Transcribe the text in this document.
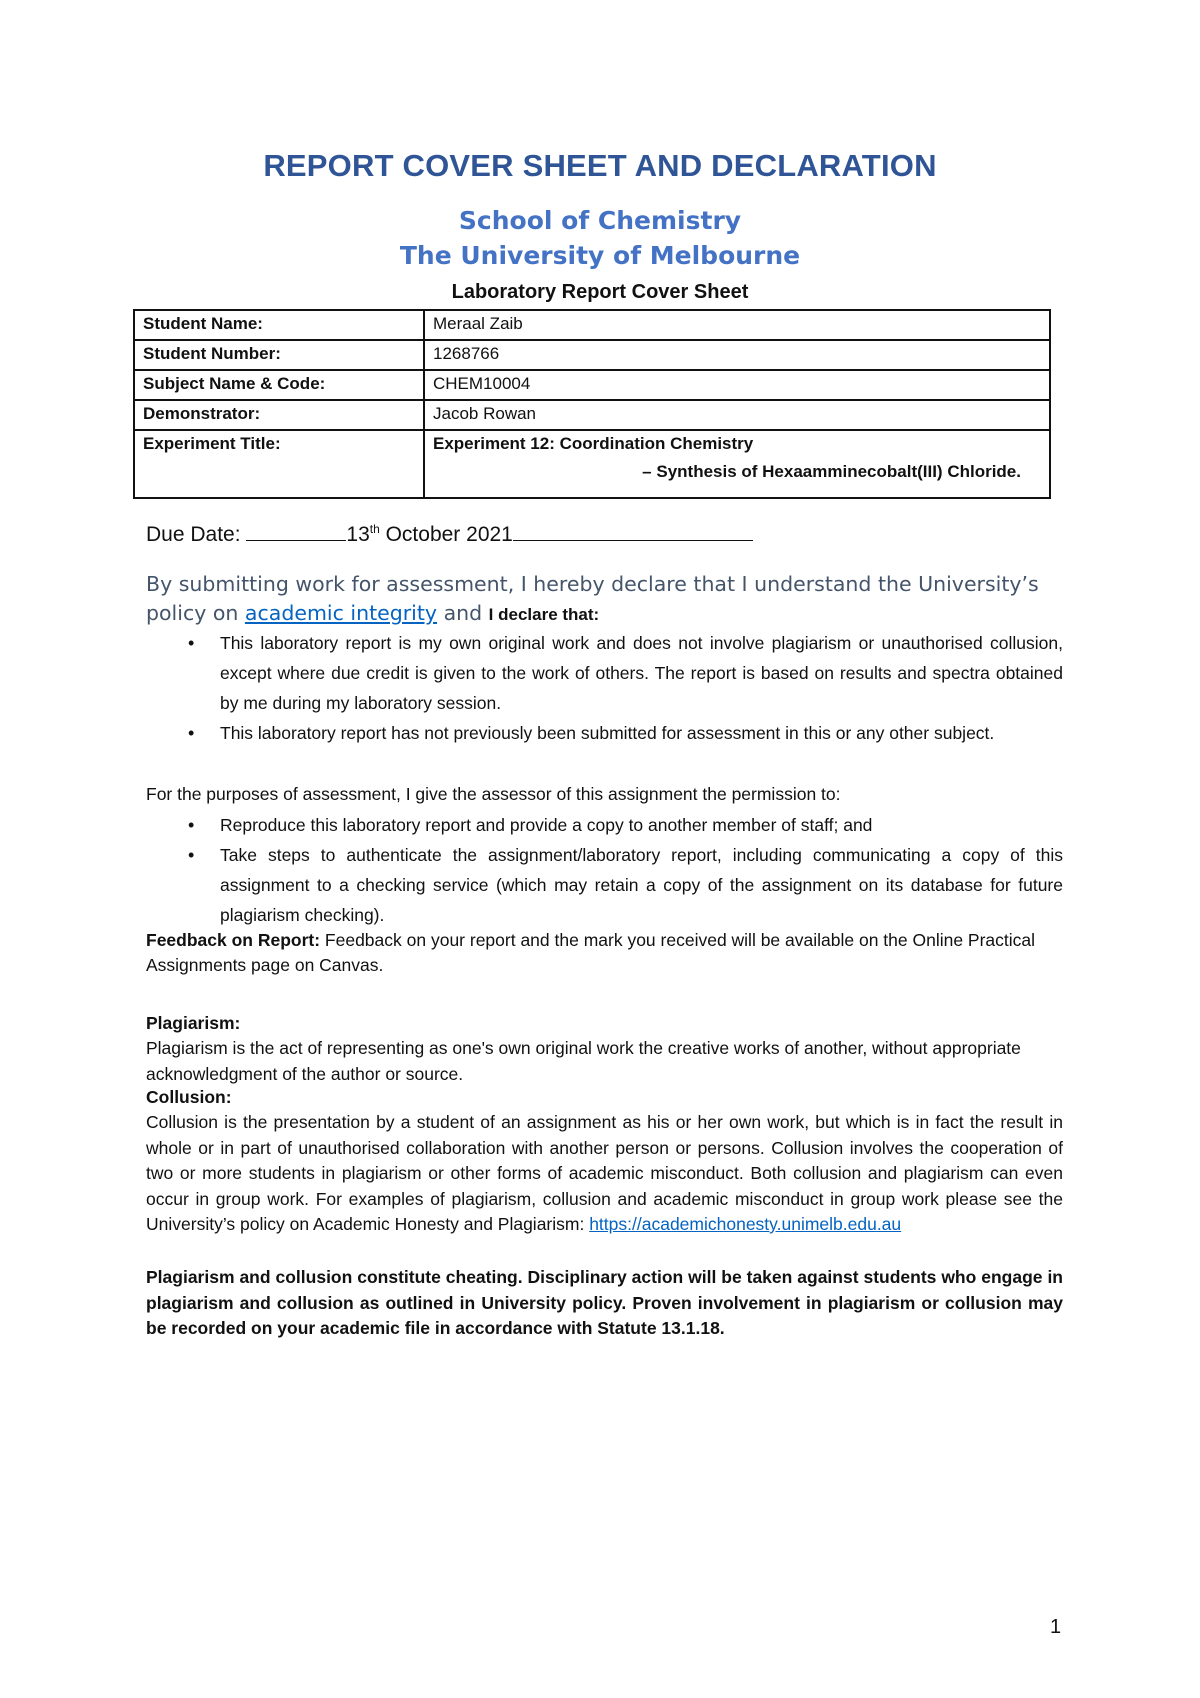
REPORT COVER SHEET AND DECLARATION
School of Chemistry
The University of Melbourne
Laboratory Report Cover Sheet
Student Name:	Meraal Zaib
Student Number:	1268766
Subject Name & Code:	CHEM10004
Demonstrator:	Jacob Rowan
Experiment Title:	Experiment 12: Coordination Chemistry
– Synthesis of Hexaamminecobalt(III) Chloride.
Due Date:	13th October 2021
By submitting work for assessment, I hereby declare that I understand the University’s policy on academic integrity and I declare that:
• This laboratory report is my own original work and does not involve plagiarism or unauthorised collusion, except where due credit is given to the work of others. The report is based on results and spectra obtained by me during my laboratory session.
• This laboratory report has not previously been submitted for assessment in this or any other subject.
For the purposes of assessment, I give the assessor of this assignment the permission to:
• Reproduce this laboratory report and provide a copy to another member of staff; and
• Take steps to authenticate the assignment/laboratory report, including communicating a copy of this assignment to a checking service (which may retain a copy of the assignment on its database for future plagiarism checking).
Feedback on Report: Feedback on your report and the mark you received will be available on the Online Practical Assignments page on Canvas.
Plagiarism:
Plagiarism is the act of representing as one's own original work the creative works of another, without appropriate acknowledgment of the author or source.
Collusion:
Collusion is the presentation by a student of an assignment as his or her own work, but which is in fact the result in whole or in part of unauthorised collaboration with another person or persons. Collusion involves the cooperation of two or more students in plagiarism or other forms of academic misconduct. Both collusion and plagiarism can even occur in group work. For examples of plagiarism, collusion and academic misconduct in group work please see the University’s policy on Academic Honesty and Plagiarism: https://academichonesty.unimelb.edu.au
Plagiarism and collusion constitute cheating. Disciplinary action will be taken against students who engage in plagiarism and collusion as outlined in University policy. Proven involvement in plagiarism or collusion may be recorded on your academic file in accordance with Statute 13.1.18.
1
